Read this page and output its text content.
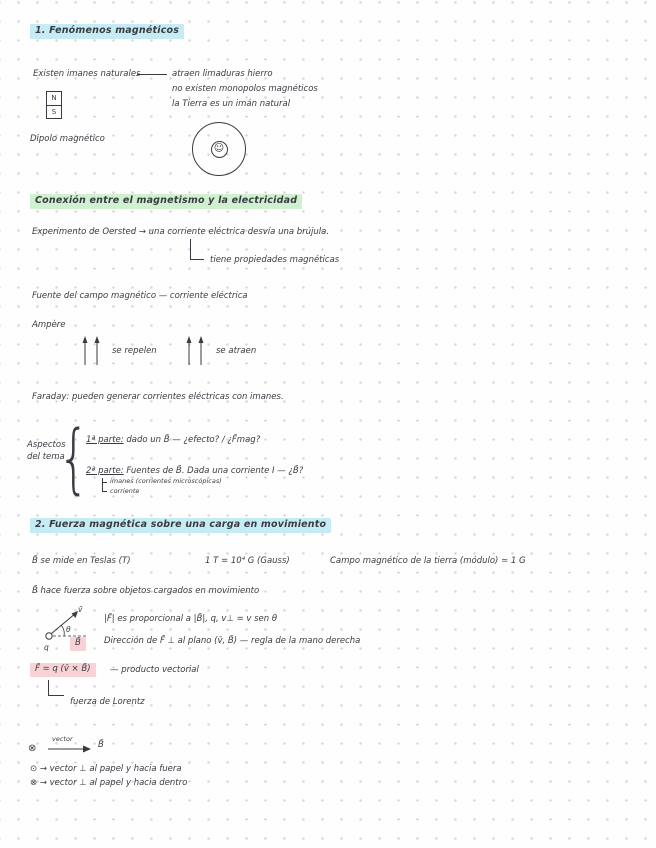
1. Fenómenos magnéticos
Existen imanes naturales	atraen limaduras hierro
no existen monopolos magnéticos
la Tierra es un imán natural
N
S
Dipolo magnético
☺
Conexión entre el magnetismo y la electricidad
Experimento de Oersted → una corriente eléctrica desvía una brújula.
tiene propiedades magnéticas
Fuente del campo magnético — corriente eléctrica
Ampère
se repelen	se atraen
Faraday: pueden generar corrientes eléctricas con imanes.
Aspectos
del tema
{
1ª parte: dado un B̄ — ¿efecto? / ¿F̄mag?
2ª parte: Fuentes de B̄. Dada una corriente I — ¿B̄?
imanes (corrientes microscópicas)
corriente
2. Fuerza magnética sobre una carga en movimiento
B̄ se mide en Teslas (T)	1 T = 10⁴ G (Gauss)	Campo magnético de la tierra (módulo) ≃ 1 G
B̄ hace fuerza sobre objetos cargados en movimiento
v̄
θ
q	B̄
|F̄| es proporcional a |B̄|, q, v⊥ = v sen θ
Dirección de F̄ ⊥ al plano (v̄, B̄) — regla de la mano derecha
F̄ = q (v̄ × B̄)	— producto vectorial
fuerza de Lorentz
⊗
vector
B̄
⊙ → vector ⊥ al papel y hacia fuera
⊗ → vector ⊥ al papel y hacia dentro
